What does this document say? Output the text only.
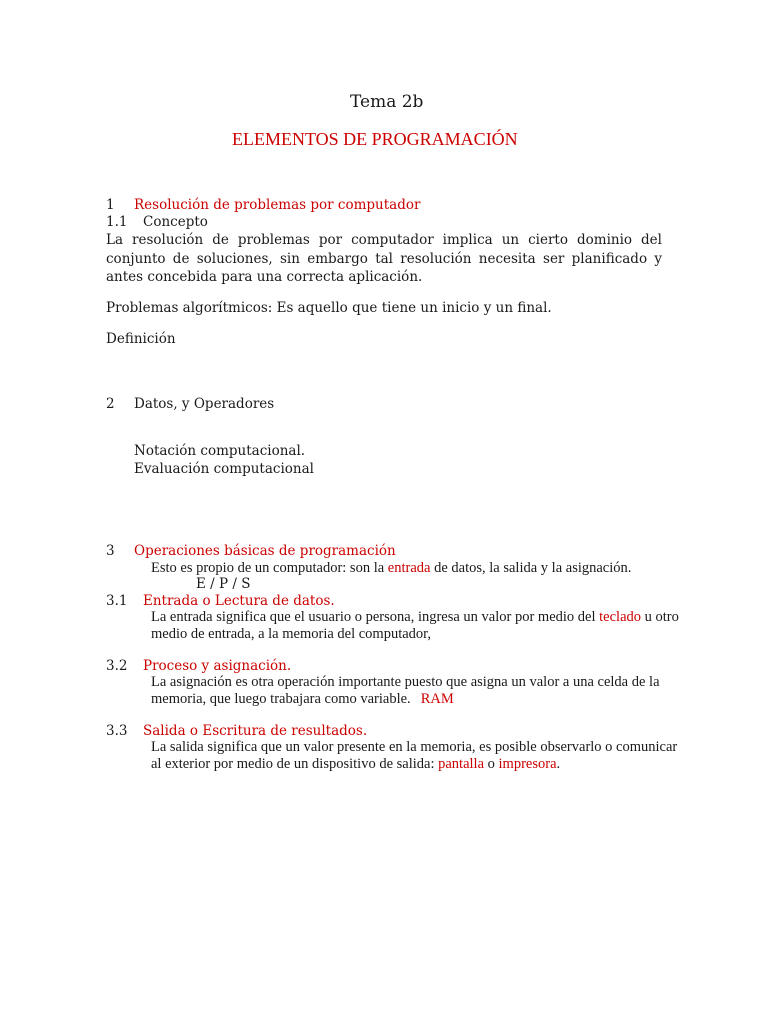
Tema 2b
ELEMENTOS DE PROGRAMACIÓN
1 Resolución de problemas por computador
1.1 Concepto
La resolución de problemas por computador implica un cierto dominio del conjunto de soluciones, sin embargo tal resolución necesita ser planificado y antes concebida para una correcta aplicación.
Problemas algorítmicos: Es aquello que tiene un inicio y un final.
Definición
2 Datos, y Operadores
Notación computacional.
Evaluación computacional
3 Operaciones básicas de programación
Esto es propio de un computador: son la entrada de datos, la salida y la asignación.
E / P / S
3.1 Entrada o Lectura de datos.
La entrada significa que el usuario o persona, ingresa un valor por medio del teclado u otro
medio de entrada, a la memoria del computador,
3.2 Proceso y asignación.
La asignación es otra operación importante puesto que asigna un valor a una celda de la
memoria, que luego trabajara como variable. RAM
3.3 Salida o Escritura de resultados.
La salida significa que un valor presente en la memoria, es posible observarlo o comunicar
al exterior por medio de un dispositivo de salida: pantalla o impresora.
